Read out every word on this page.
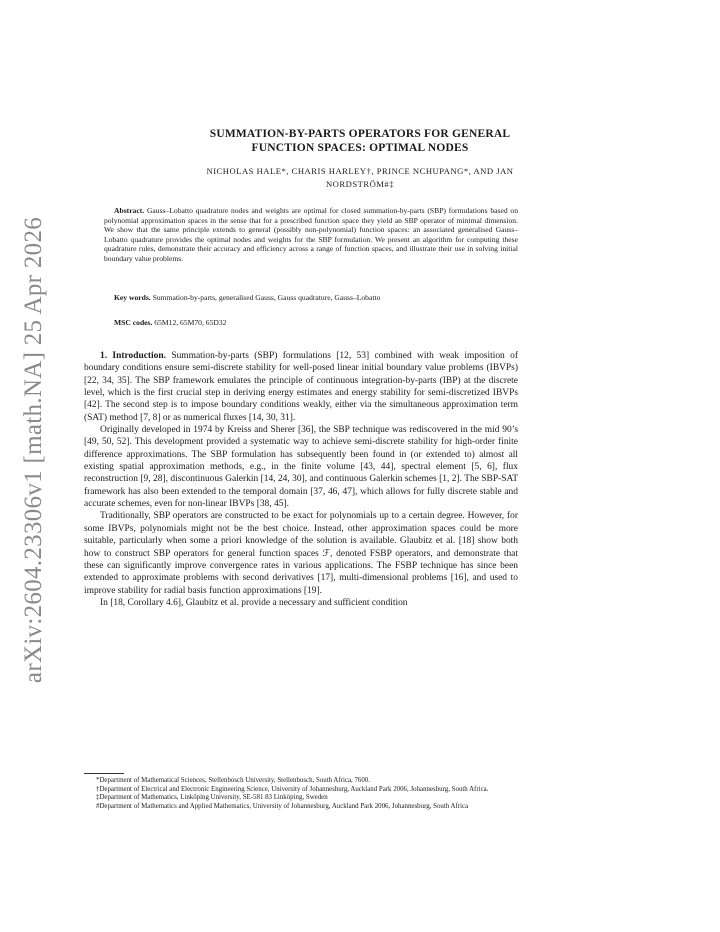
arXiv:2604.23306v1 [math.NA] 25 Apr 2026
SUMMATION-BY-PARTS OPERATORS FOR GENERAL
FUNCTION SPACES: OPTIMAL NODES
NICHOLAS HALE*, CHARIS HARLEY†, PRINCE NCHUPANG*, AND JAN
NORDSTRÖM#‡
Abstract. Gauss–Lobatto quadrature nodes and weights are optimal for closed summation-by-parts (SBP) formulations based on polynomial approximation spaces in the sense that for a prescribed function space they yield an SBP operator of minimal dimension. We show that the same principle extends to general (possibly non-polynomial) function spaces: an associated generalised Gauss–Lobatto quadrature provides the optimal nodes and weights for the SBP formulation. We present an algorithm for computing these quadrature rules, demonstrate their accuracy and efficiency across a range of function spaces, and illustrate their use in solving initial boundary value problems.
Key words. Summation-by-parts, generalised Gauss, Gauss quadrature, Gauss–Lobatto
MSC codes. 65M12, 65M70, 65D32

1. Introduction. Summation-by-parts (SBP) formulations [12, 53] combined with weak imposition of boundary conditions ensure semi-discrete stability for well-posed linear initial boundary value problems (IBVPs) [22, 34, 35]. The SBP framework emulates the principle of continuous integration-by-parts (IBP) at the discrete level, which is the first crucial step in deriving energy estimates and energy stability for semi-discretized IBVPs [42]. The second step is to impose boundary conditions weakly, either via the simultaneous approximation term (SAT) method [7, 8] or as numerical fluxes [14, 30, 31].

Originally developed in 1974 by Kreiss and Sherer [36], the SBP technique was rediscovered in the mid 90’s [49, 50, 52]. This development provided a systematic way to achieve semi-discrete stability for high-order finite difference approximations. The SBP formulation has subsequently been found in (or extended to) almost all existing spatial approximation methods, e.g., in the finite volume [43, 44], spectral element [5, 6], flux reconstruction [9, 28], discontinuous Galerkin [14, 24, 30], and continuous Galerkin schemes [1, 2]. The SBP-SAT framework has also been extended to the temporal domain [37, 46, 47], which allows for fully discrete stable and accurate schemes, even for non-linear IBVPs [38, 45].

Traditionally, SBP operators are constructed to be exact for polynomials up to a certain degree. However, for some IBVPs, polynomials might not be the best choice. Instead, other approximation spaces could be more suitable, particularly when some a priori knowledge of the solution is available. Glaubitz et al. [18] show both how to construct SBP operators for general function spaces ℱ, denoted FSBP operators, and demonstrate that these can significantly improve convergence rates in various applications. The FSBP technique has since been extended to approximate problems with second derivatives [17], multi-dimensional problems [16], and used to improve stability for radial basis function approximations [19].

In [18, Corollary 4.6], Glaubitz et al. provide a necessary and sufficient condition

*Department of Mathematical Sciences, Stellenbosch University, Stellenbosch, South Africa, 7600.

†Department of Electrical and Electronic Engineering Science, University of Johannesburg, Auckland Park 2006, Johannesburg, South Africa.

‡Department of Mathematics, Linköping University, SE-581 83 Linköping, Sweden

#Department of Mathematics and Applied Mathematics, University of Johannesburg, Auckland Park 2006, Johannesburg, South Africa
